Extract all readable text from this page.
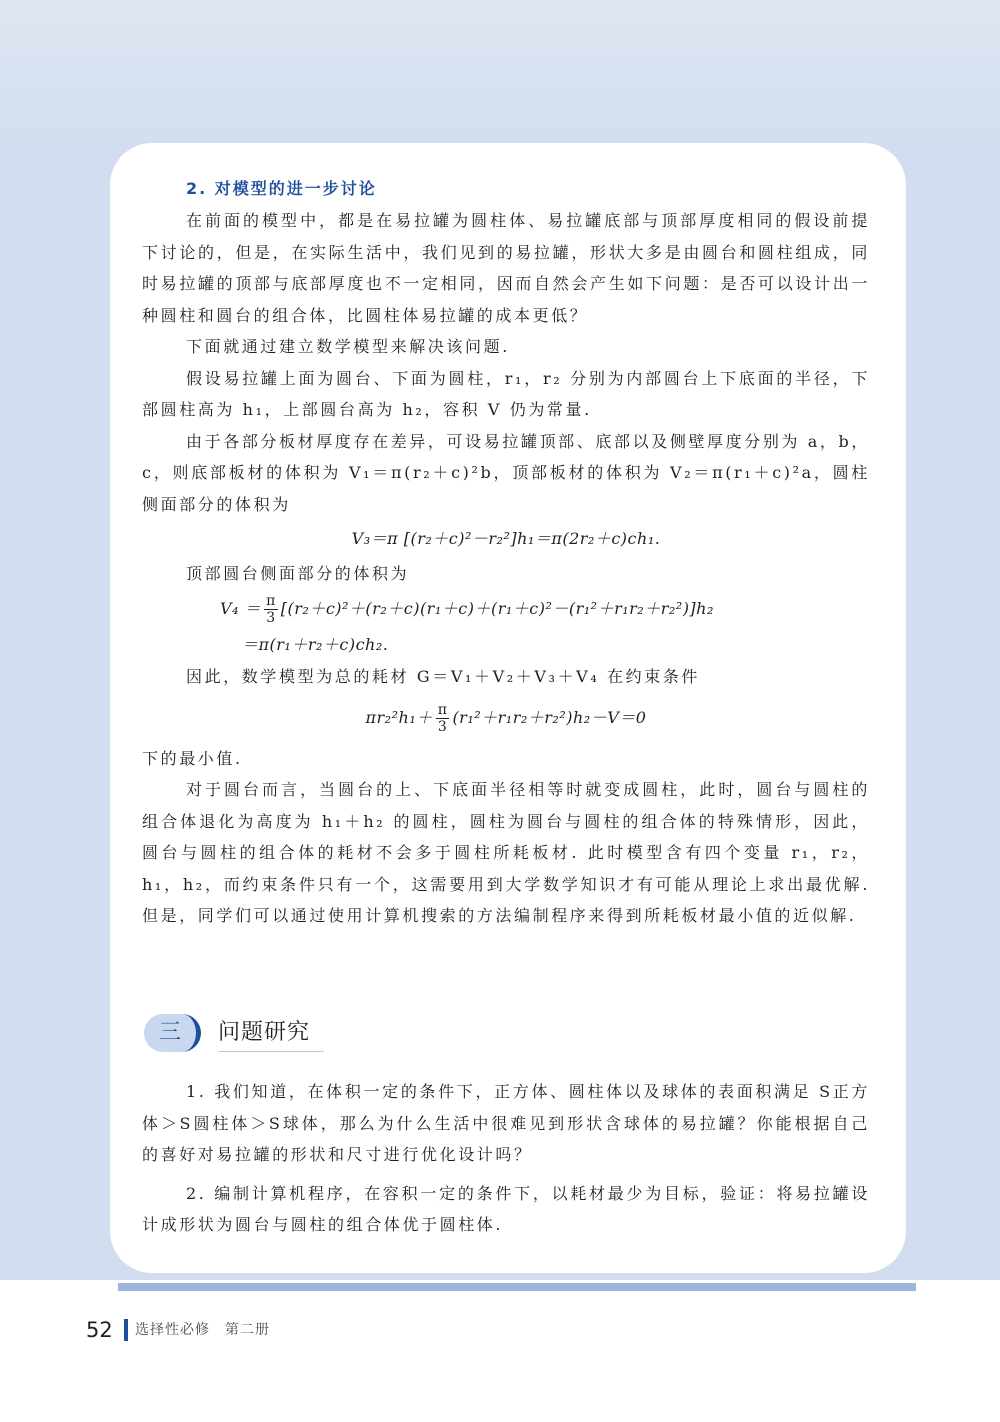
2. 对模型的进一步讨论

在前面的模型中，都是在易拉罐为圆柱体、易拉罐底部与顶部厚度相同的假设前提下讨论的，但是，在实际生活中，我们见到的易拉罐，形状大多是由圆台和圆柱组成，同时易拉罐的顶部与底部厚度也不一定相同，因而自然会产生如下问题：是否可以设计出一种圆柱和圆台的组合体，比圆柱体易拉罐的成本更低？

下面就通过建立数学模型来解决该问题.

假设易拉罐上面为圆台、下面为圆柱，r₁，r₂ 分别为内部圆台上下底面的半径，下部圆柱高为 h₁，上部圆台高为 h₂，容积 V 仍为常量.

由于各部分板材厚度存在差异，可设易拉罐顶部、底部以及侧壁厚度分别为 a，b，c，则底部板材的体积为 V₁＝π(r₂＋c)²b，顶部板材的体积为 V₂＝π(r₁＋c)²a，圆柱侧面部分的体积为

V₃＝π [(r₂＋c)²－r₂²]h₁＝π(2r₂＋c)ch₁.

顶部圆台侧面部分的体积为

$V_4 = \frac{\pi}{3} [(r_2+c)^2+(r_2+c)(r_1+c)+(r_1+c)^2-(r_1^2+r_1r_2+r_2^2)]h_2$
＝π(r₁＋r₂＋c)ch₂.

因此，数学模型为总的耗材 G＝V₁＋V₂＋V₃＋V₄ 在约束条件

$\pi r_2^2h_1+ \frac{\pi}{3} (r_1^2+r_1r_2+r_2^2)h_2-V=0$

下的最小值.

对于圆台而言，当圆台的上、下底面半径相等时就变成圆柱，此时，圆台与圆柱的组合体退化为高度为 h₁＋h₂ 的圆柱，圆柱为圆台与圆柱的组合体的特殊情形，因此，圆台与圆柱的组合体的耗材不会多于圆柱所耗板材. 此时模型含有四个变量 r₁，r₂，h₁，h₂，而约束条件只有一个，这需要用到大学数学知识才有可能从理论上求出最优解. 但是，同学们可以通过使用计算机搜索的方法编制程序来得到所耗板材最小值的近似解.

三	问题研究

1. 我们知道，在体积一定的条件下，正方体、圆柱体以及球体的表面积满足 S正方体＞S圆柱体＞S球体，那么为什么生活中很难见到形状含球体的易拉罐？你能根据自己的喜好对易拉罐的形状和尺寸进行优化设计吗？

2. 编制计算机程序，在容积一定的条件下，以耗材最少为目标，验证：将易拉罐设计成形状为圆台与圆柱的组合体优于圆柱体.

52 选择性必修　第二册
